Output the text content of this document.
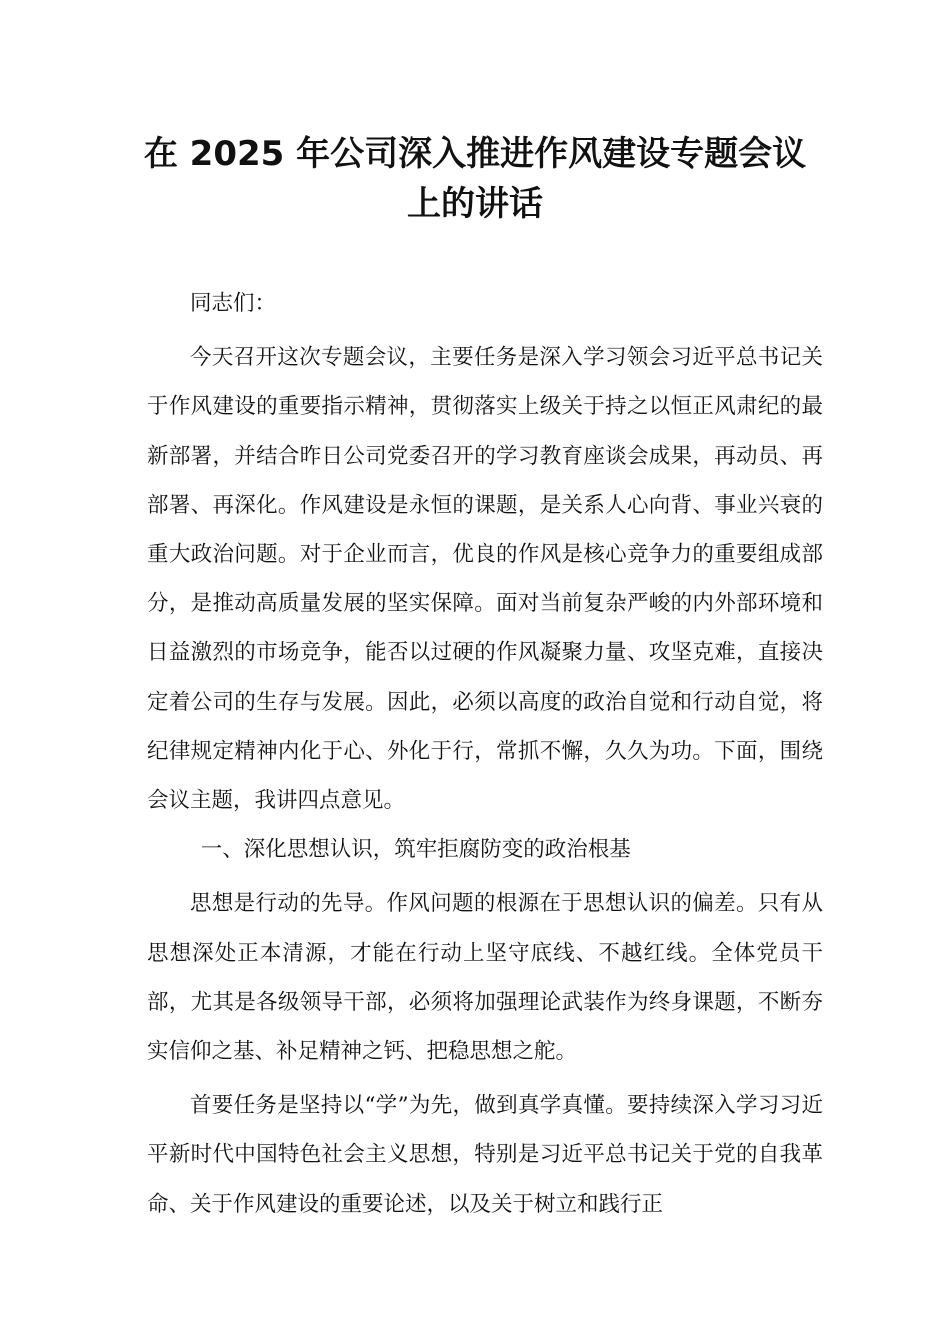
在 2025 年公司深入推进作风建设专题会议
上的讲话

同志们：

今天召开这次专题会议，主要任务是深入学习领会习近平总书记关于作风建设的重要指示精神，贯彻落实上级关于持之以恒正风肃纪的最新部署，并结合昨日公司党委召开的学习教育座谈会成果，再动员、再部署、再深化。作风建设是永恒的课题，是关系人心向背、事业兴衰的重大政治问题。对于企业而言，优良的作风是核心竞争力的重要组成部分，是推动高质量发展的坚实保障。面对当前复杂严峻的内外部环境和日益激烈的市场竞争，能否以过硬的作风凝聚力量、攻坚克难，直接决定着公司的生存与发展。因此，必须以高度的政治自觉和行动自觉，将纪律规定精神内化于心、外化于行，常抓不懈，久久为功。下面，围绕会议主题，我讲四点意见。

一、深化思想认识，筑牢拒腐防变的政治根基

思想是行动的先导。作风问题的根源在于思想认识的偏差。只有从思想深处正本清源，才能在行动上坚守底线、不越红线。全体党员干部，尤其是各级领导干部，必须将加强理论武装作为终身课题，不断夯实信仰之基、补足精神之钙、把稳思想之舵。

首要任务是坚持以“学”为先，做到真学真懂。要持续深入学习习近平新时代中国特色社会主义思想，特别是习近平总书记关于党的自我革命、关于作风建设的重要论述，以及关于树立和践行正
